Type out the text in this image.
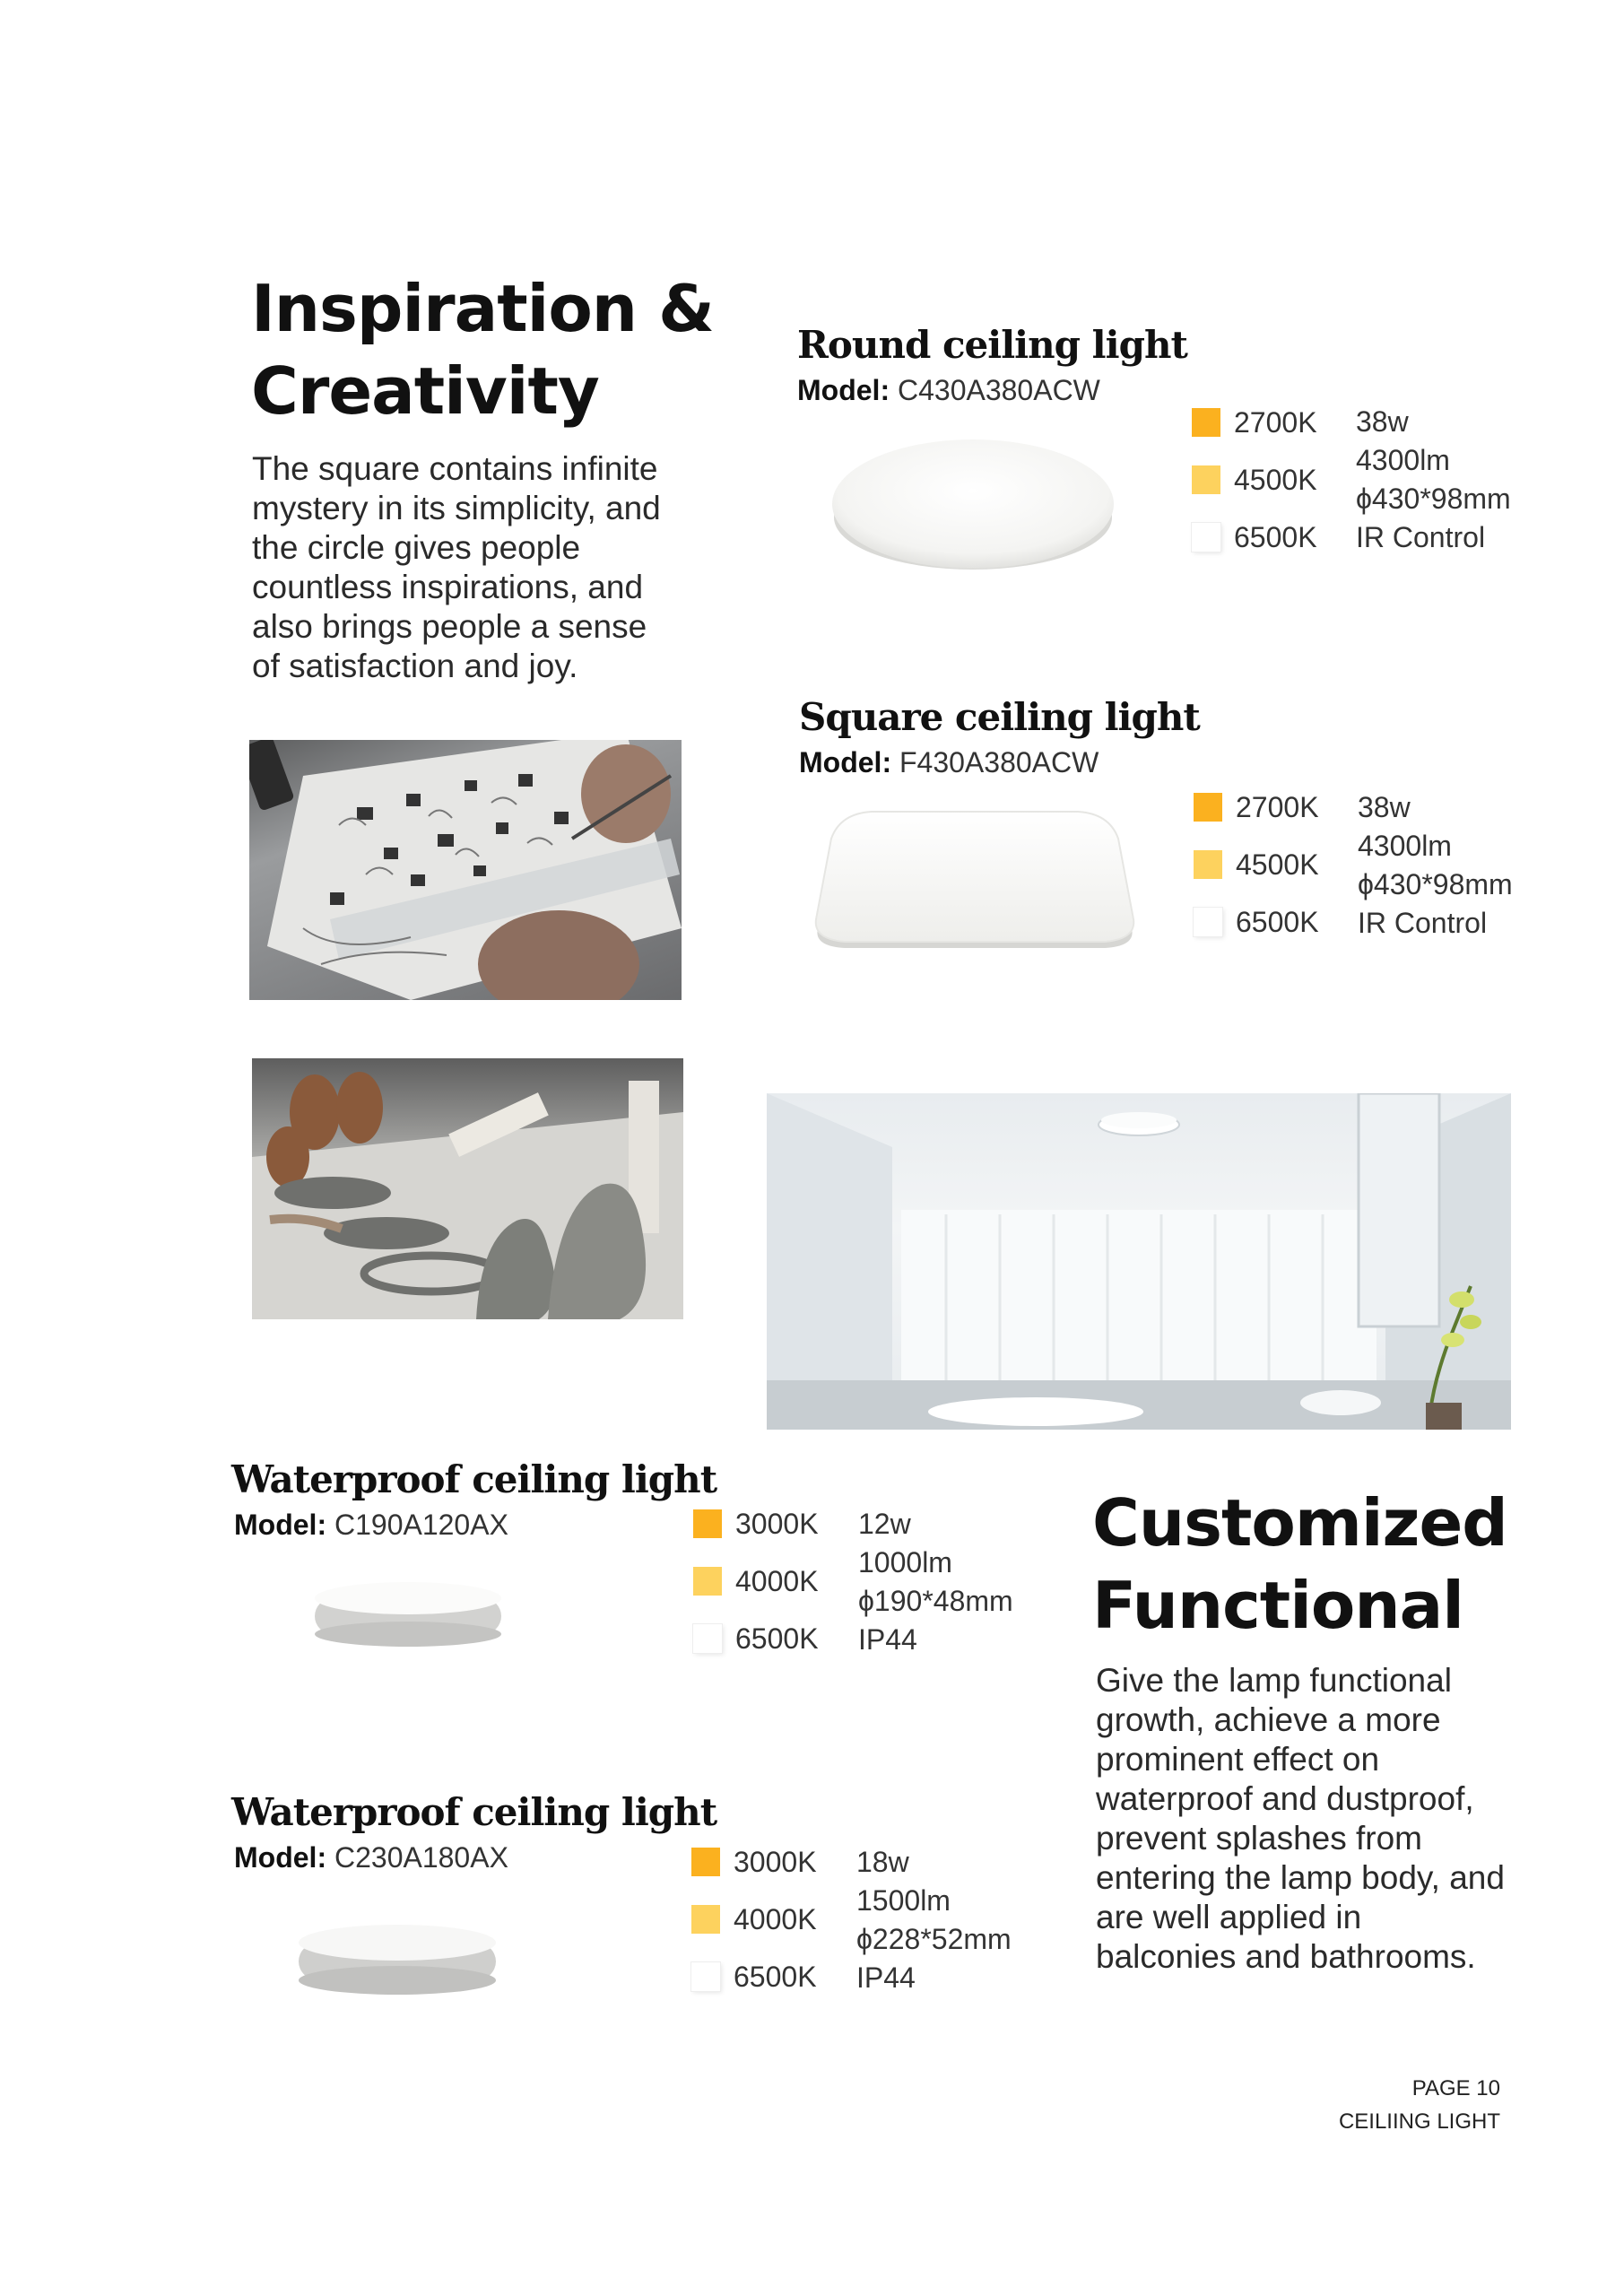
Inspiration &
Creativity
The square contains infinite mystery in its simplicity, and the circle gives people countless inspirations, and also brings people a sense of satisfaction and joy.
Round ceiling light
Model: C430A380ACW
2700K
4500K
6500K
38w
4300lm
ϕ430*98mm
IR Control
Square ceiling light
Model: F430A380ACW
2700K
4500K
6500K
38w
4300lm
ϕ430*98mm
IR Control
Waterproof ceiling light
Model: C190A120AX	3000K
4000K
6500K
12w
1000lm
ϕ190*48mm
IP44
Waterproof ceiling light
Model: C230A180AX	3000K
4000K
6500K
18w
1500lm
ϕ228*52mm
IP44
Customized
Functional
Give the lamp functional growth, achieve a more prominent effect on waterproof and dustproof, prevent splashes from entering the lamp body, and are well applied in balconies and bathrooms.
PAGE 10
CEILIING LIGHT
